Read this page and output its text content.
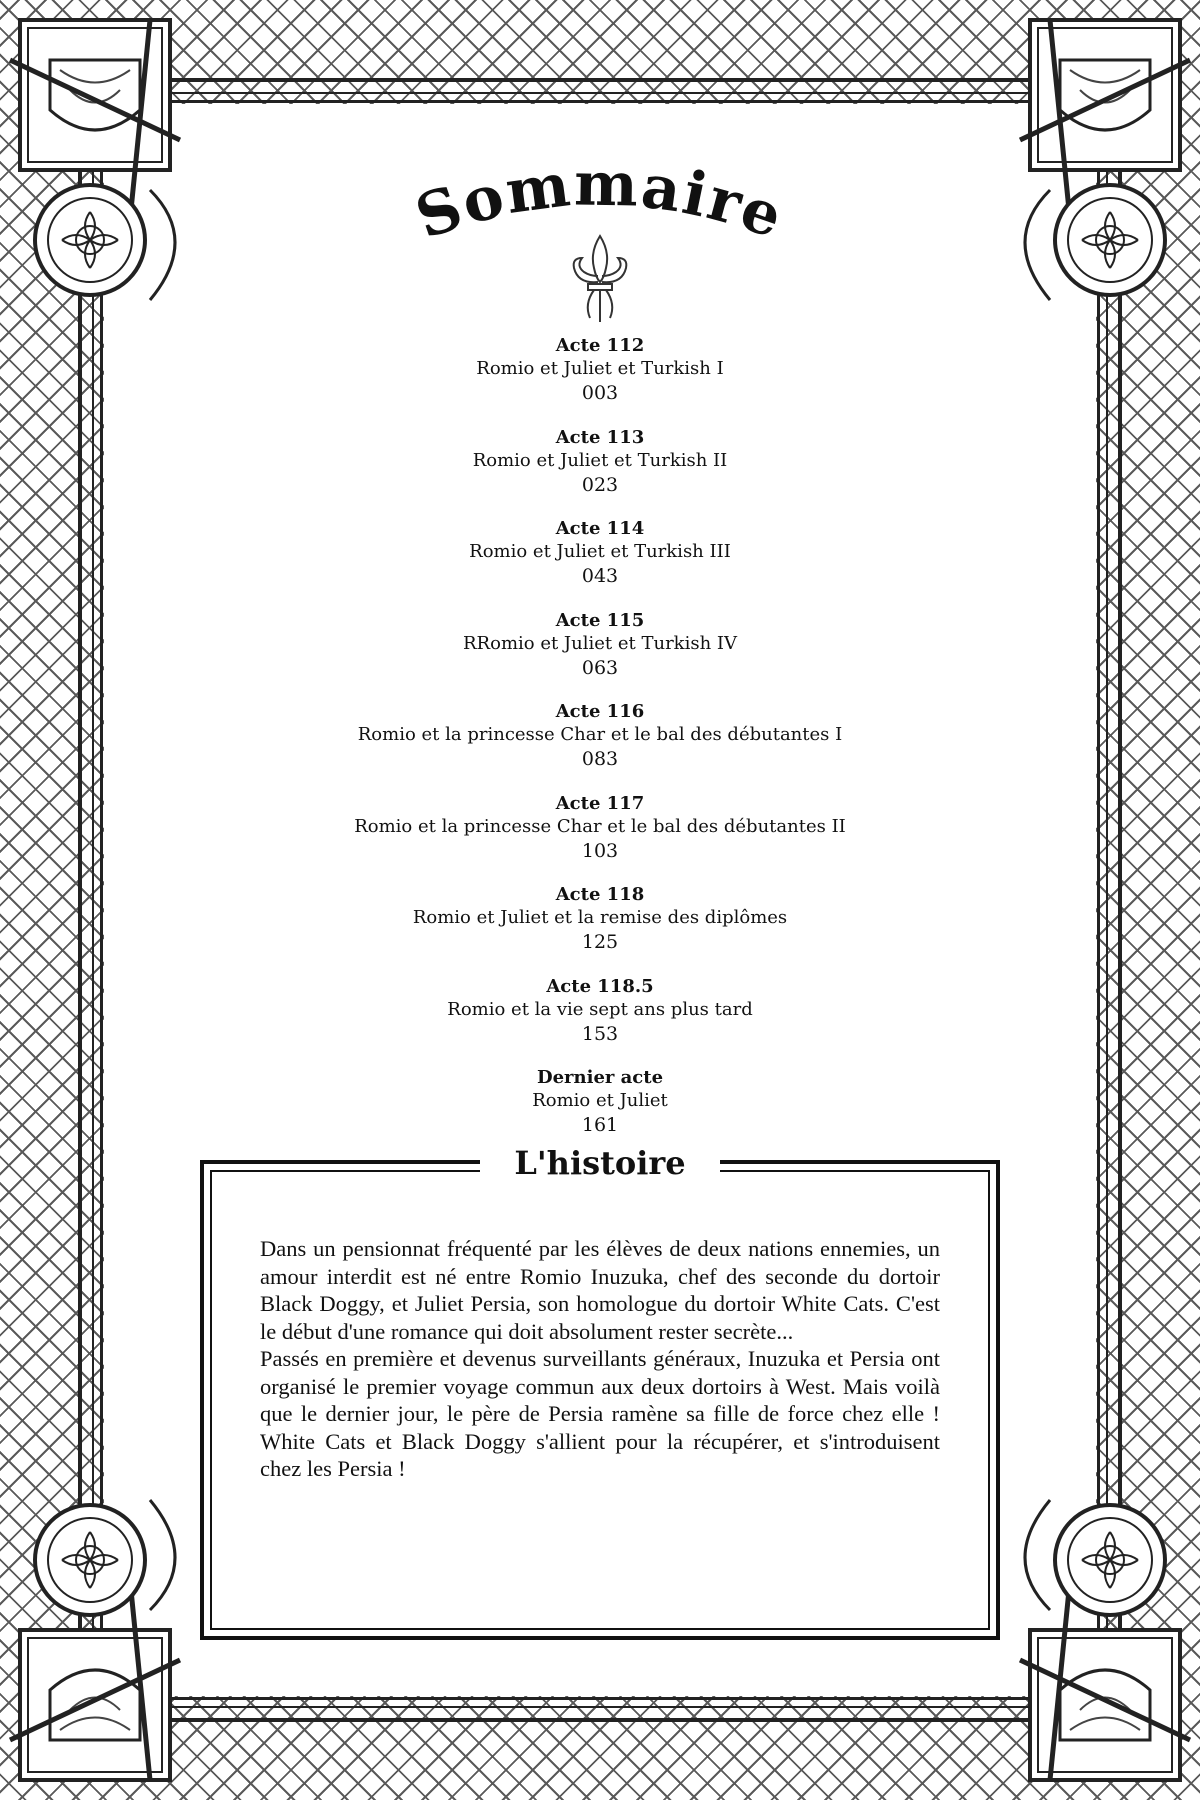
Sommaire
Acte 112
Romio et Juliet et Turkish I
003
Acte 113
Romio et Juliet et Turkish II
023
Acte 114
Romio et Juliet et Turkish III
043
Acte 115
RRomio et Juliet et Turkish IV
063
Acte 116
Romio et la princesse Char et le bal des débutantes I
083
Acte 117
Romio et la princesse Char et le bal des débutantes II
103
Acte 118
Romio et Juliet et la remise des diplômes
125
Acte 118.5
Romio et la vie sept ans plus tard
153
Dernier acte
Romio et Juliet
161
L'histoire

Dans un pensionnat fréquenté par les élèves de deux nations ennemies, un amour interdit est né entre Romio Inuzuka, chef des seconde du dortoir Black Doggy, et Juliet Persia, son homologue du dortoir White Cats. C'est le début d'une romance qui doit absolument rester secrète...

Passés en première et devenus surveillants généraux, Inuzuka et Persia ont organisé le premier voyage commun aux deux dortoirs à West. Mais voilà que le dernier jour, le père de Persia ramène sa fille de force chez elle ! White Cats et Black Doggy s'allient pour la récupérer, et s'introduisent chez les Persia !
